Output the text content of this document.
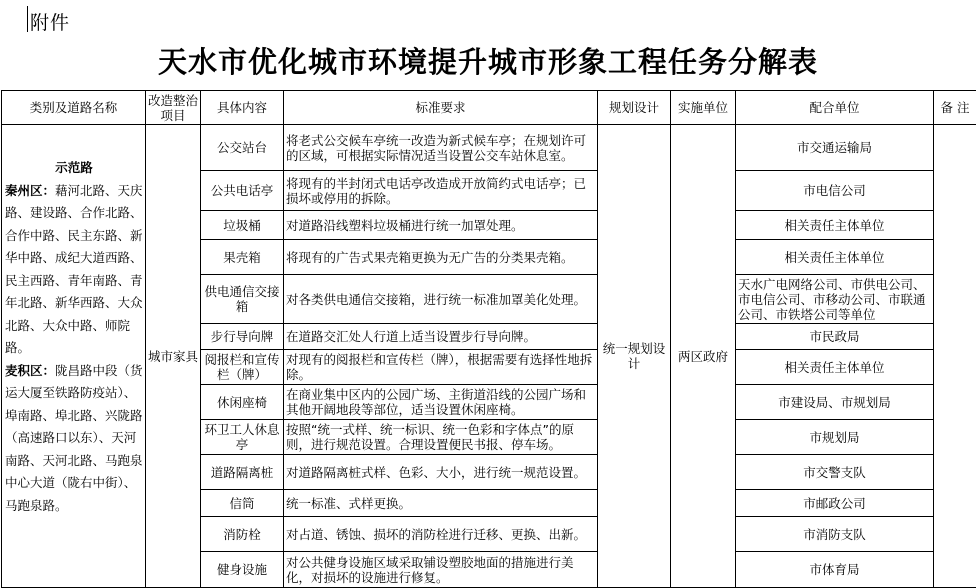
附件
天水市优化城市环境提升城市形象工程任务分解表
类别及道路名称	改造整治项目	具体内容	标准要求	规划设计	实施单位	配合单位	备 注

示范路
秦州区：藉河北路、天庆路、建设路、合作北路、合作中路、民主东路、新华中路、成纪大道西路、民主西路、青年南路、青年北路、新华西路、大众北路、大众中路、师院路。
麦积区：陇昌路中段（货运大厦至铁路防疫站）、埠南路、埠北路、兴陇路（高速路口以东）、天河南路、天河北路、马跑泉中心大道（陇右中街）、马跑泉路。	城市家具	公交站台	将老式公交候车亭统一改造为新式候车亭；在规划许可的区域，可根据实际情况适当设置公交车站休息室。	统一规划设计	两区政府	市交通运输局	
		公共电话亭	将现有的半封闭式电话亭改造成开放简约式电话亭；已损坏或停用的拆除。			市电信公司	
		垃圾桶	对道路沿线塑料垃圾桶进行统一加罩处理。			相关责任主体单位	
		果壳箱	将现有的广告式果壳箱更换为无广告的分类果壳箱。			相关责任主体单位	
		供电通信交接箱	对各类供电通信交接箱，进行统一标准加罩美化处理。			天水广电网络公司、市供电公司、市电信公司、市移动公司、市联通公司、市铁塔公司等单位	
		步行导向牌	在道路交汇处人行道上适当设置步行导向牌。			市民政局	
		阅报栏和宣传栏（牌）	对现有的阅报栏和宣传栏（牌），根据需要有选择性地拆除。			相关责任主体单位	
		休闲座椅	在商业集中区内的公园广场、主街道沿线的公园广场和其他开阔地段等部位，适当设置休闲座椅。			市建设局、市规划局	
		环卫工人休息亭	按照“统一式样、统一标识、统一色彩和字体点”的原则，进行规范设置。合理设置便民书报、停车场。			市规划局	
		道路隔离桩	对道路隔离桩式样、色彩、大小，进行统一规范设置。			市交警支队	
		信筒	统一标准、式样更换。			市邮政公司	
		消防栓	对占道、锈蚀、损坏的消防栓进行迁移、更换、出新。			市消防支队	
		健身设施	对公共健身设施区域采取铺设塑胶地面的措施进行美化，对损坏的设施进行修复。			市体育局	
